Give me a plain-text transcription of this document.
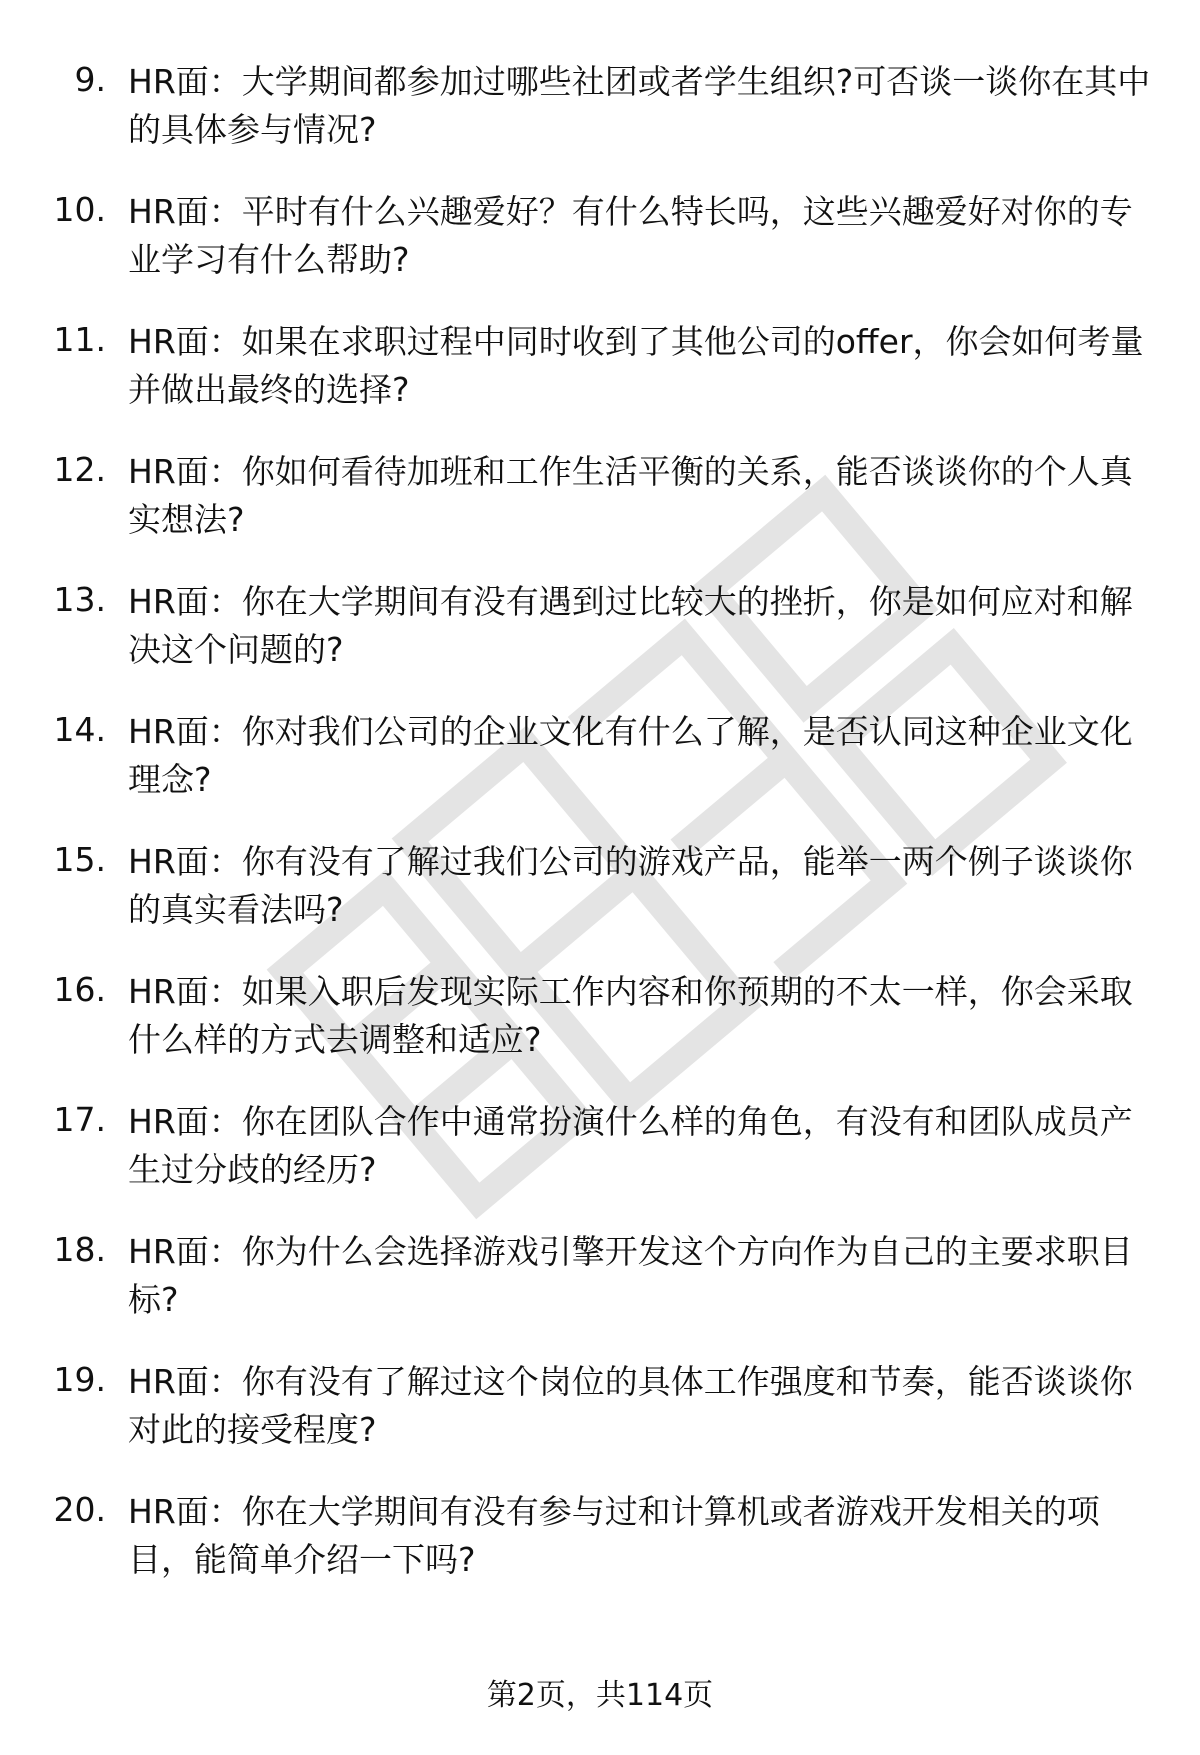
9. HR面：大学期间都参加过哪些社团或者学生组织?可否谈一谈你在其中的具体参与情况?
10. HR面：平时有什么兴趣爱好？有什么特长吗，这些兴趣爱好对你的专业学习有什么帮助?
11. HR面：如果在求职过程中同时收到了其他公司的offer，你会如何考量并做出最终的选择?
12. HR面：你如何看待加班和工作生活平衡的关系，能否谈谈你的个人真实想法?
13. HR面：你在大学期间有没有遇到过比较大的挫折，你是如何应对和解决这个问题的?
14. HR面：你对我们公司的企业文化有什么了解，是否认同这种企业文化理念?
15. HR面：你有没有了解过我们公司的游戏产品，能举一两个例子谈谈你的真实看法吗?
16. HR面：如果入职后发现实际工作内容和你预期的不太一样，你会采取什么样的方式去调整和适应?
17. HR面：你在团队合作中通常扮演什么样的角色，有没有和团队成员产生过分歧的经历?
18. HR面：你为什么会选择游戏引擎开发这个方向作为自己的主要求职目标?
19. HR面：你有没有了解过这个岗位的具体工作强度和节奏，能否谈谈你对此的接受程度?
20. HR面：你在大学期间有没有参与过和计算机或者游戏开发相关的项目，能简单介绍一下吗?
第2页，共114页
